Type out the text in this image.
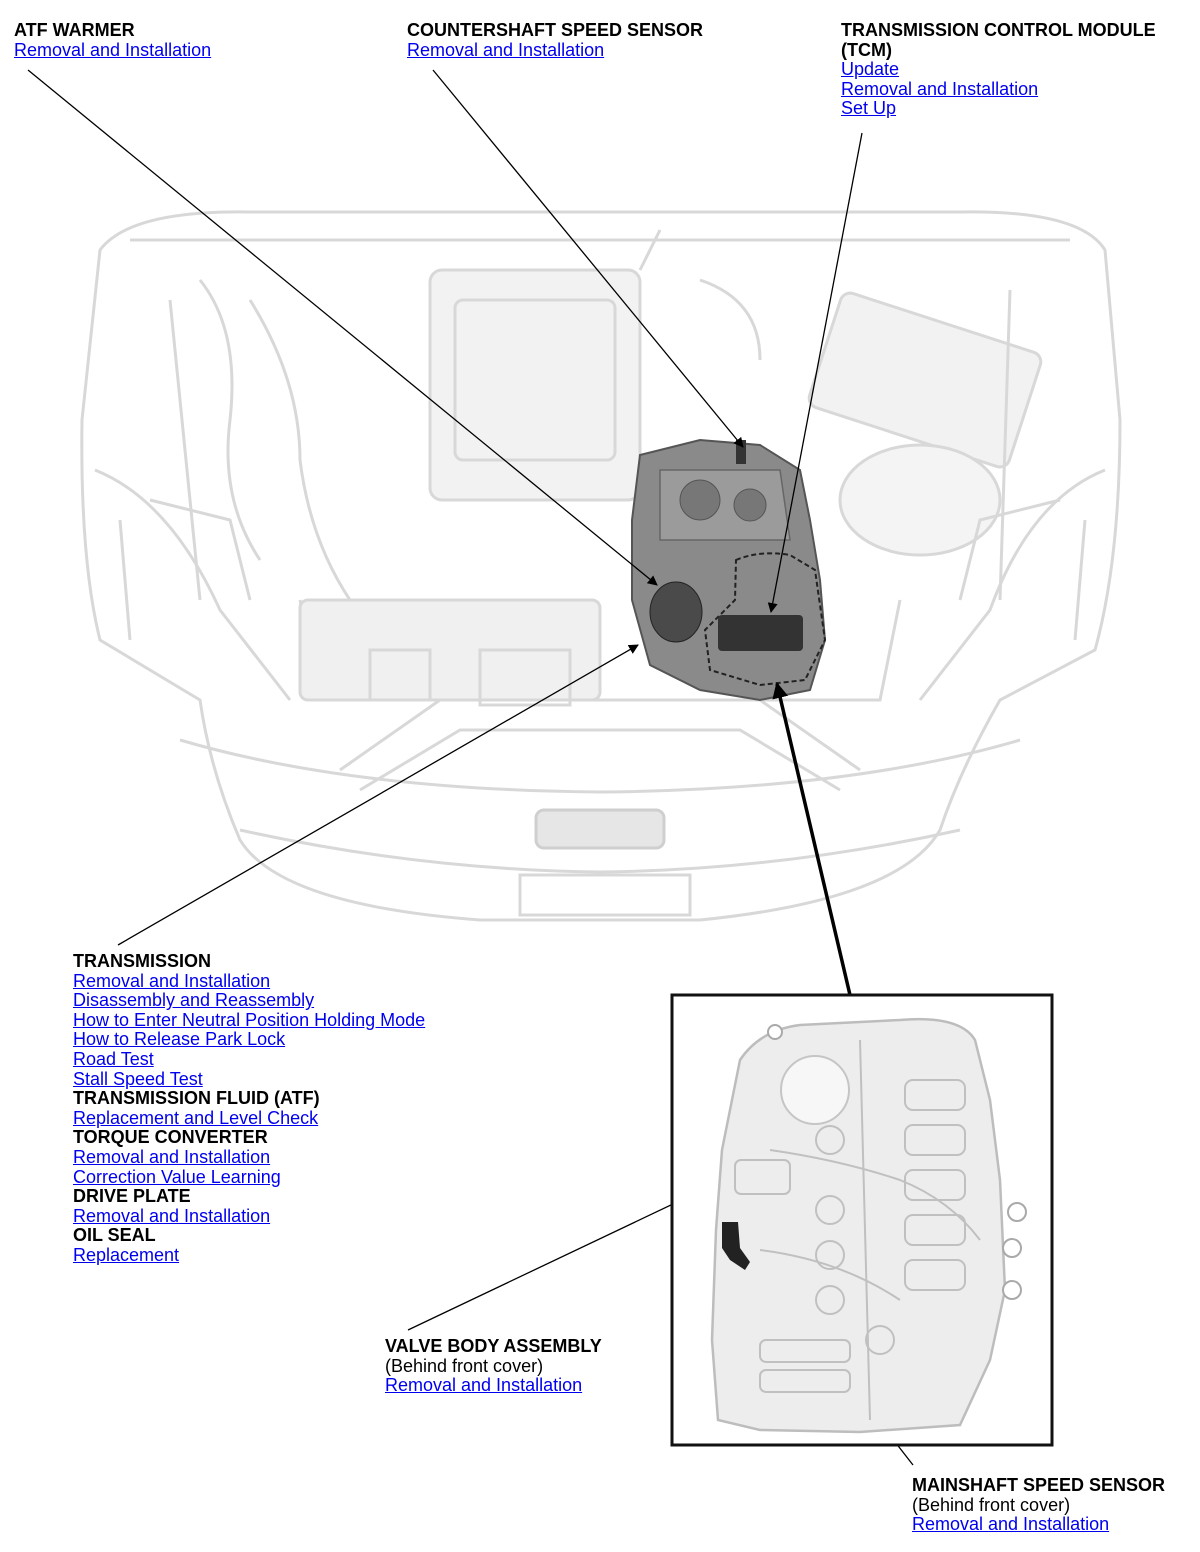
ATF WARMER
Removal and Installation
COUNTERSHAFT SPEED SENSOR
Removal and Installation
TRANSMISSION CONTROL MODULE
(TCM)
Update
Removal and Installation
Set Up
TRANSMISSION
Removal and Installation
Disassembly and Reassembly
How to Enter Neutral Position Holding Mode
How to Release Park Lock
Road Test
Stall Speed Test
TRANSMISSION FLUID (ATF)
Replacement and Level Check
TORQUE CONVERTER
Removal and Installation
Correction Value Learning
DRIVE PLATE
Removal and Installation
OIL SEAL
Replacement
VALVE BODY ASSEMBLY
(Behind front cover)
Removal and Installation
MAINSHAFT SPEED SENSOR
(Behind front cover)
Removal and Installation
